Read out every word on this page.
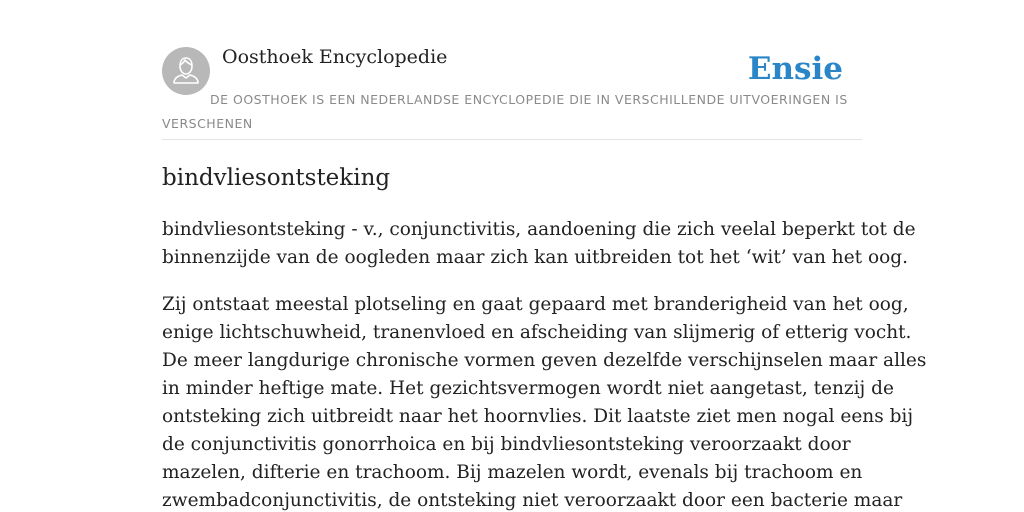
Oosthoek Encyclopedie	Ensie

DE OOSTHOEK IS EEN NEDERLANDSE ENCYCLOPEDIE DIE IN VERSCHILLENDE UITVOERINGEN IS VERSCHENEN

bindvliesontsteking

bindvliesontsteking - v., conjunctivitis, aandoening die zich veelal beperkt tot de
binnenzijde van de oogleden maar zich kan uitbreiden tot het ‘wit’ van het oog.

Zij ontstaat meestal plotseling en gaat gepaard met branderigheid van het oog,
enige lichtschuwheid, tranenvloed en afscheiding van slijmerig of etterig vocht.
De meer langdurige chronische vormen geven dezelfde verschijnselen maar alles
in minder heftige mate. Het gezichtsvermogen wordt niet aangetast, tenzij de
ontsteking zich uitbreidt naar het hoornvlies. Dit laatste ziet men nogal eens bij
de conjunctivitis gonorrhoica en bij bindvliesontsteking veroorzaakt door
mazelen, difterie en trachoom. Bij mazelen wordt, evenals bij trachoom en
zwembadconjunctivitis, de ontsteking niet veroorzaakt door een bacterie maar
